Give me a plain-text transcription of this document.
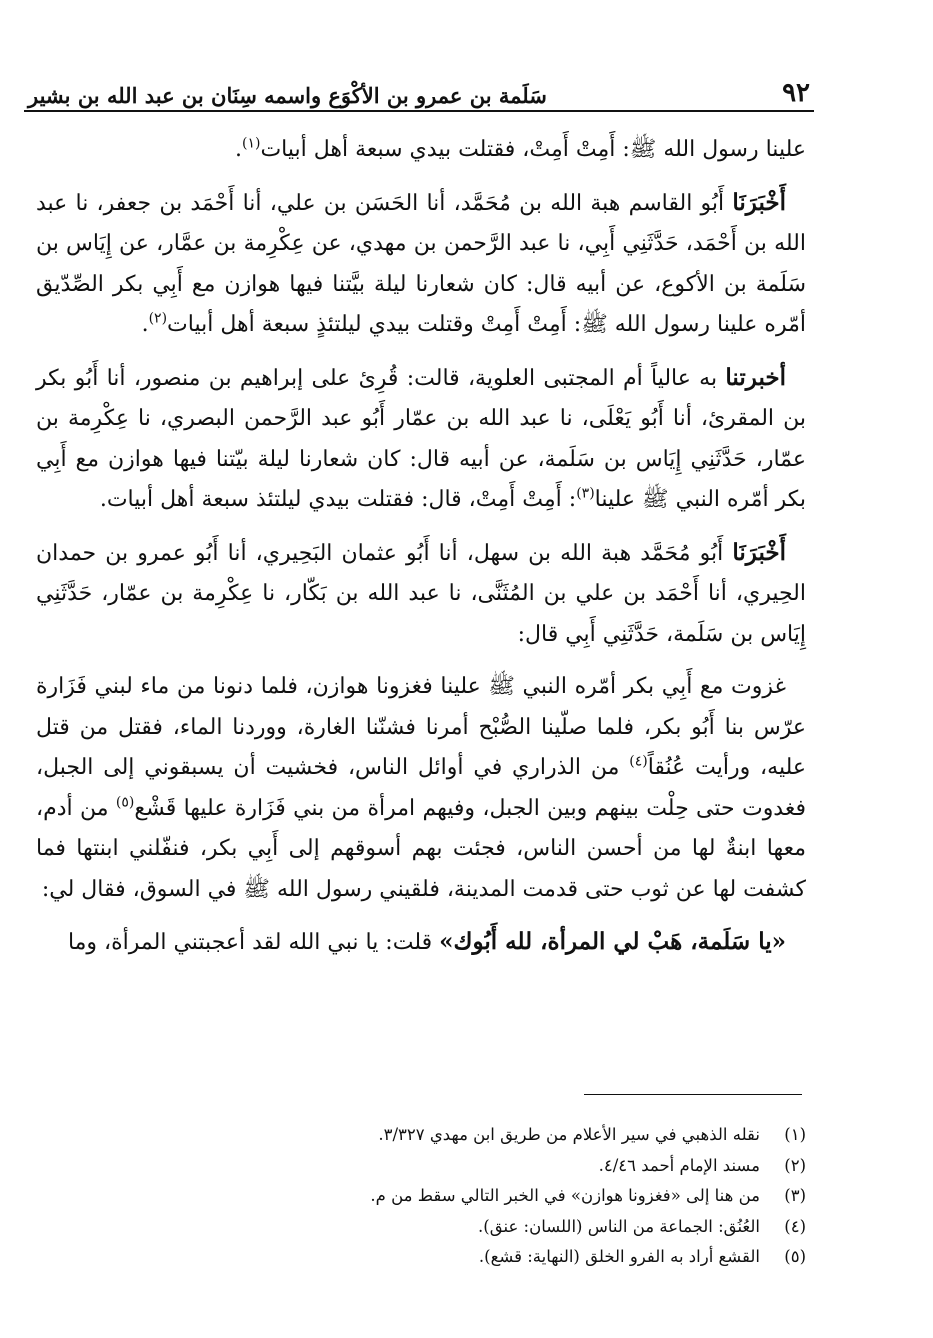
٩٢
سَلَمة بن عمرو بن الأكْوَع واسمه سِنَان بن عبد الله بن بشير

علينا رسول الله ﷺ: أَمِتْ أَمِتْ، فقتلت بيدي سبعة أهل أبيات$^{(١)}$.

أَخْبَرَنَا أَبُو القاسم هبة الله بن مُحَمَّد، أنا الحَسَن بن علي، أنا أَحْمَد بن جعفر، نا عبد الله بن أَحْمَد، حَدَّثَنِي أَبِي، نا عبد الرَّحمن بن مهدي، عن عِكْرِمة بن عمَّار، عن إِيَاس بن سَلَمة بن الأكوع، عن أبيه قال: كان شعارنا ليلة بيَّتنا فيها هوازن مع أَبِي بكر الصِّدّيق أمّره علينا رسول الله ﷺ: أَمِتْ أَمِتْ وقتلت بيدي ليلتئذٍ سبعة أهل أبيات$^{(٢)}$.

أخبرتنا به عالياً أم المجتبى العلوية، قالت: قُرِئ على إبراهيم بن منصور، أنا أَبُو بكر بن المقرئ، أنا أَبُو يَعْلَى، نا عبد الله بن عمّار أَبُو عبد الرَّحمن البصري، نا عِكْرِمة بن عمّار، حَدَّثَنِي إِيَاس بن سَلَمة، عن أبيه قال: كان شعارنا ليلة بيّتنا فيها هوازن مع أَبِي بكر أمّره النبي ﷺ علينا$^{(٣)}$: أَمِتْ أَمِتْ، قال: فقتلت بيدي ليلتئذ سبعة أهل أبيات.

أَخْبَرَنَا أَبُو مُحَمَّد هبة الله بن سهل، أنا أَبُو عثمان البَحِيري، أنا أَبُو عمرو بن حمدان الحِيري، أنا أَحْمَد بن علي بن المُثَنَّى، نا عبد الله بن بَكّار، نا عِكْرِمة بن عمّار، حَدَّثَنِي إِيَاس بن سَلَمة، حَدَّثَنِي أَبِي قال:

غزوت مع أَبِي بكر أمّره النبي ﷺ علينا فغزونا هوازن، فلما دنونا من ماء لبني فَزَارة عرّس بنا أَبُو بكر، فلما صلّينا الصُّبْح أمرنا فشنّنا الغارة، ووردنا الماء، فقتل من قتل عليه، ورأيت عُنُقاً$^{(٤)}$ من الذراري في أوائل الناس، فخشيت أن يسبقوني إلى الجبل، فغدوت حتى حِلْت بينهم وبين الجبل، وفيهم امرأة من بني فَزَارة عليها قَشْع$^{(٥)}$ من أدم، معها ابنةٌ لها من أحسن الناس، فجئت بهم أسوقهم إلى أَبِي بكر، فنفّلني ابنتها فما كشفت لها عن ثوب حتى قدمت المدينة، فلقيني رسول الله ﷺ في السوق، فقال لي:

«يا سَلَمة، هَبْ لي المرأة، لله أَبُوك» قلت: يا نبي الله لقد أعجبتني المرأة، وما

(١)
نقله الذهبي في سير الأعلام من طريق ابن مهدي ٣/٣٢٧.
(٢)
مسند الإمام أحمد ٤/٤٦.
(٣)
من هنا إلى «فغزونا هوازن» في الخبر التالي سقط من م.
(٤)
العُنُق: الجماعة من الناس (اللسان: عنق).
(٥)
القشع أراد به الفرو الخلق (النهاية: قشع).
